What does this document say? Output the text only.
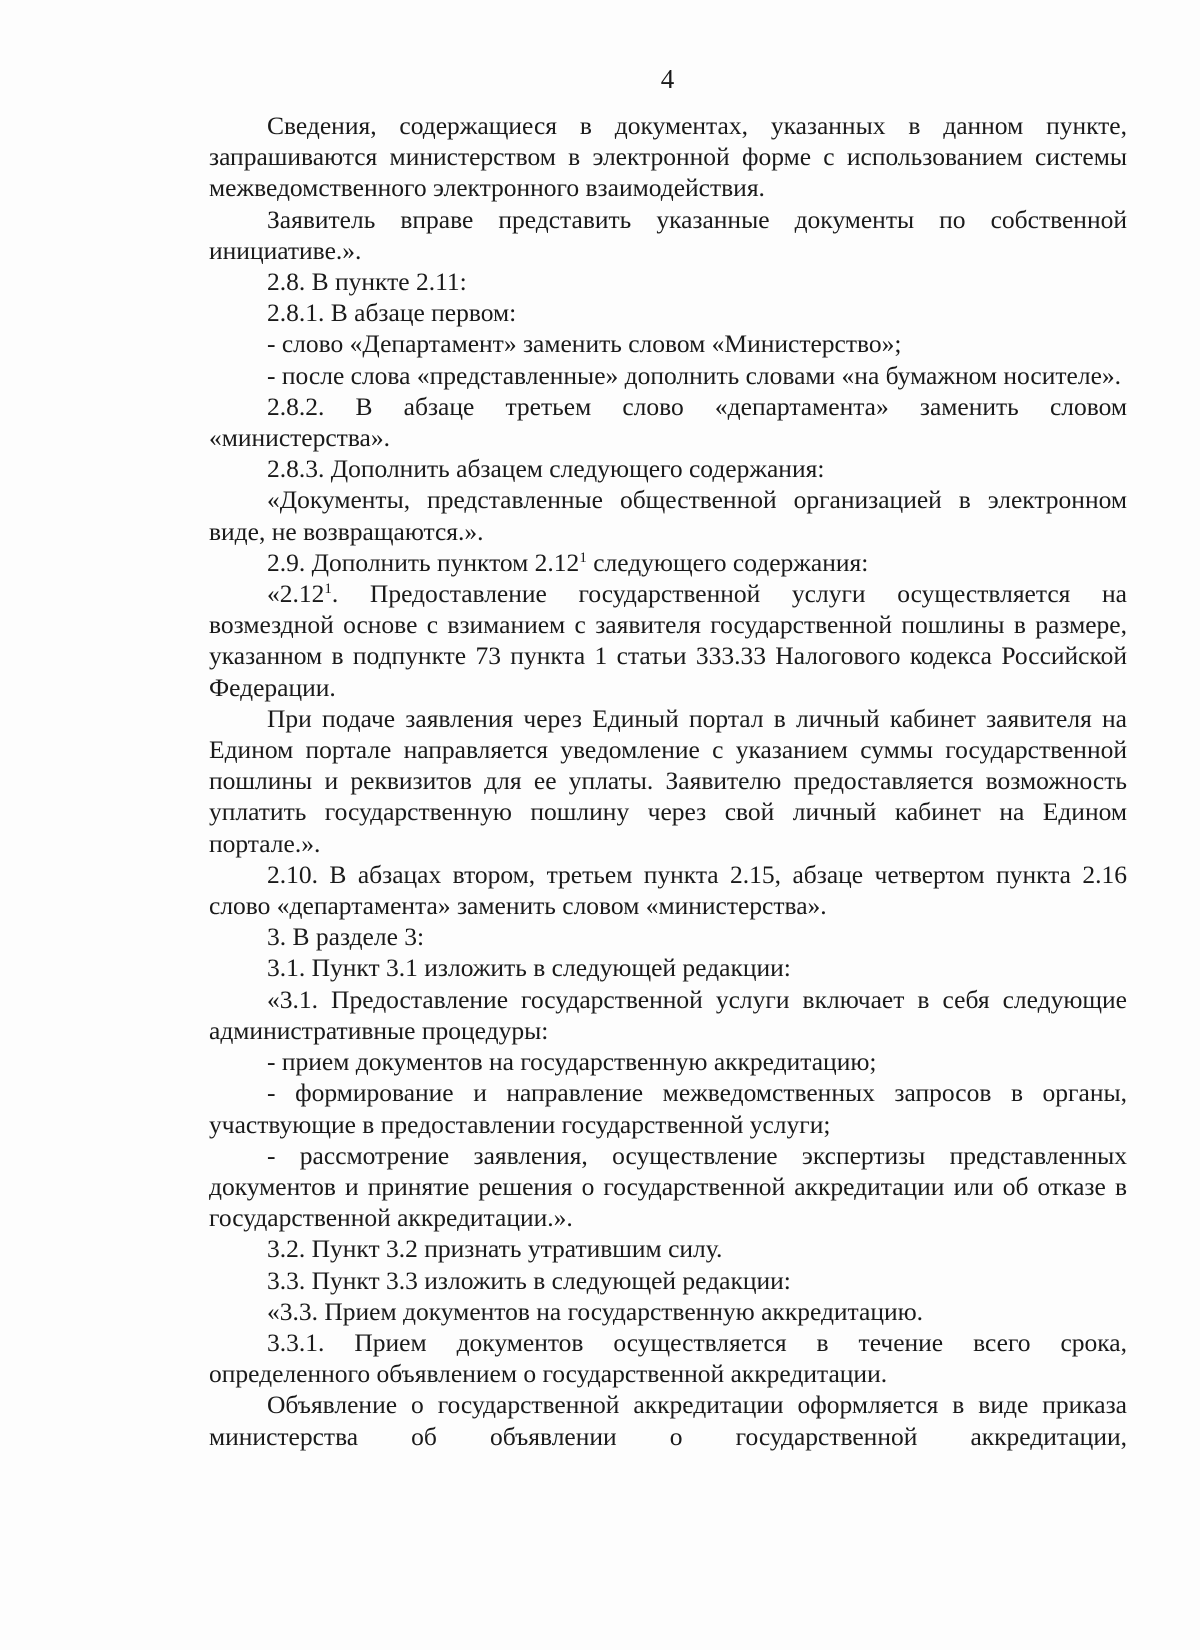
4

Сведения, содержащиеся в документах, указанных в данном пункте, запрашиваются министерством в электронной форме с использованием системы межведомственного электронного взаимодействия.

Заявитель вправе представить указанные документы по собственной инициативе.».

2.8. В пункте 2.11:

2.8.1. В абзаце первом:

- слово «Департамент» заменить словом «Министерство»;

- после слова «представленные» дополнить словами «на бумажном носителе».

2.8.2. В абзаце третьем слово «департамента» заменить словом «министерства».

2.8.3. Дополнить абзацем следующего содержания:

«Документы, представленные общественной организацией в электронном виде, не возвращаются.».

2.9. Дополнить пунктом 2.12$^1$ следующего содержания:

«2.12$^1$. Предоставление государственной услуги осуществляется на возмездной основе с взиманием с заявителя государственной пошлины в размере, указанном в подпункте 73 пункта 1 статьи 333.33 Налогового кодекса Российской Федерации.

При подаче заявления через Единый портал в личный кабинет заявителя на Едином портале направляется уведомление с указанием суммы государственной пошлины и реквизитов для ее уплаты. Заявителю предоставляется возможность уплатить государственную пошлину через свой личный кабинет на Едином портале.».

2.10. В абзацах втором, третьем пункта 2.15, абзаце четвертом пункта 2.16 слово «департамента» заменить словом «министерства».

3. В разделе 3:

3.1. Пункт 3.1 изложить в следующей редакции:

«3.1. Предоставление государственной услуги включает в себя следующие административные процедуры:

- прием документов на государственную аккредитацию;

- формирование и направление межведомственных запросов в органы, участвующие в предоставлении государственной услуги;

- рассмотрение заявления, осуществление экспертизы представленных документов и принятие решения о государственной аккредитации или об отказе в государственной аккредитации.».

3.2. Пункт 3.2 признать утратившим силу.

3.3. Пункт 3.3 изложить в следующей редакции:

«3.3. Прием документов на государственную аккредитацию.

3.3.1. Прием документов осуществляется в течение всего срока, определенного объявлением о государственной аккредитации.

Объявление о государственной аккредитации оформляется в виде приказа министерства об объявлении о государственной аккредитации,
